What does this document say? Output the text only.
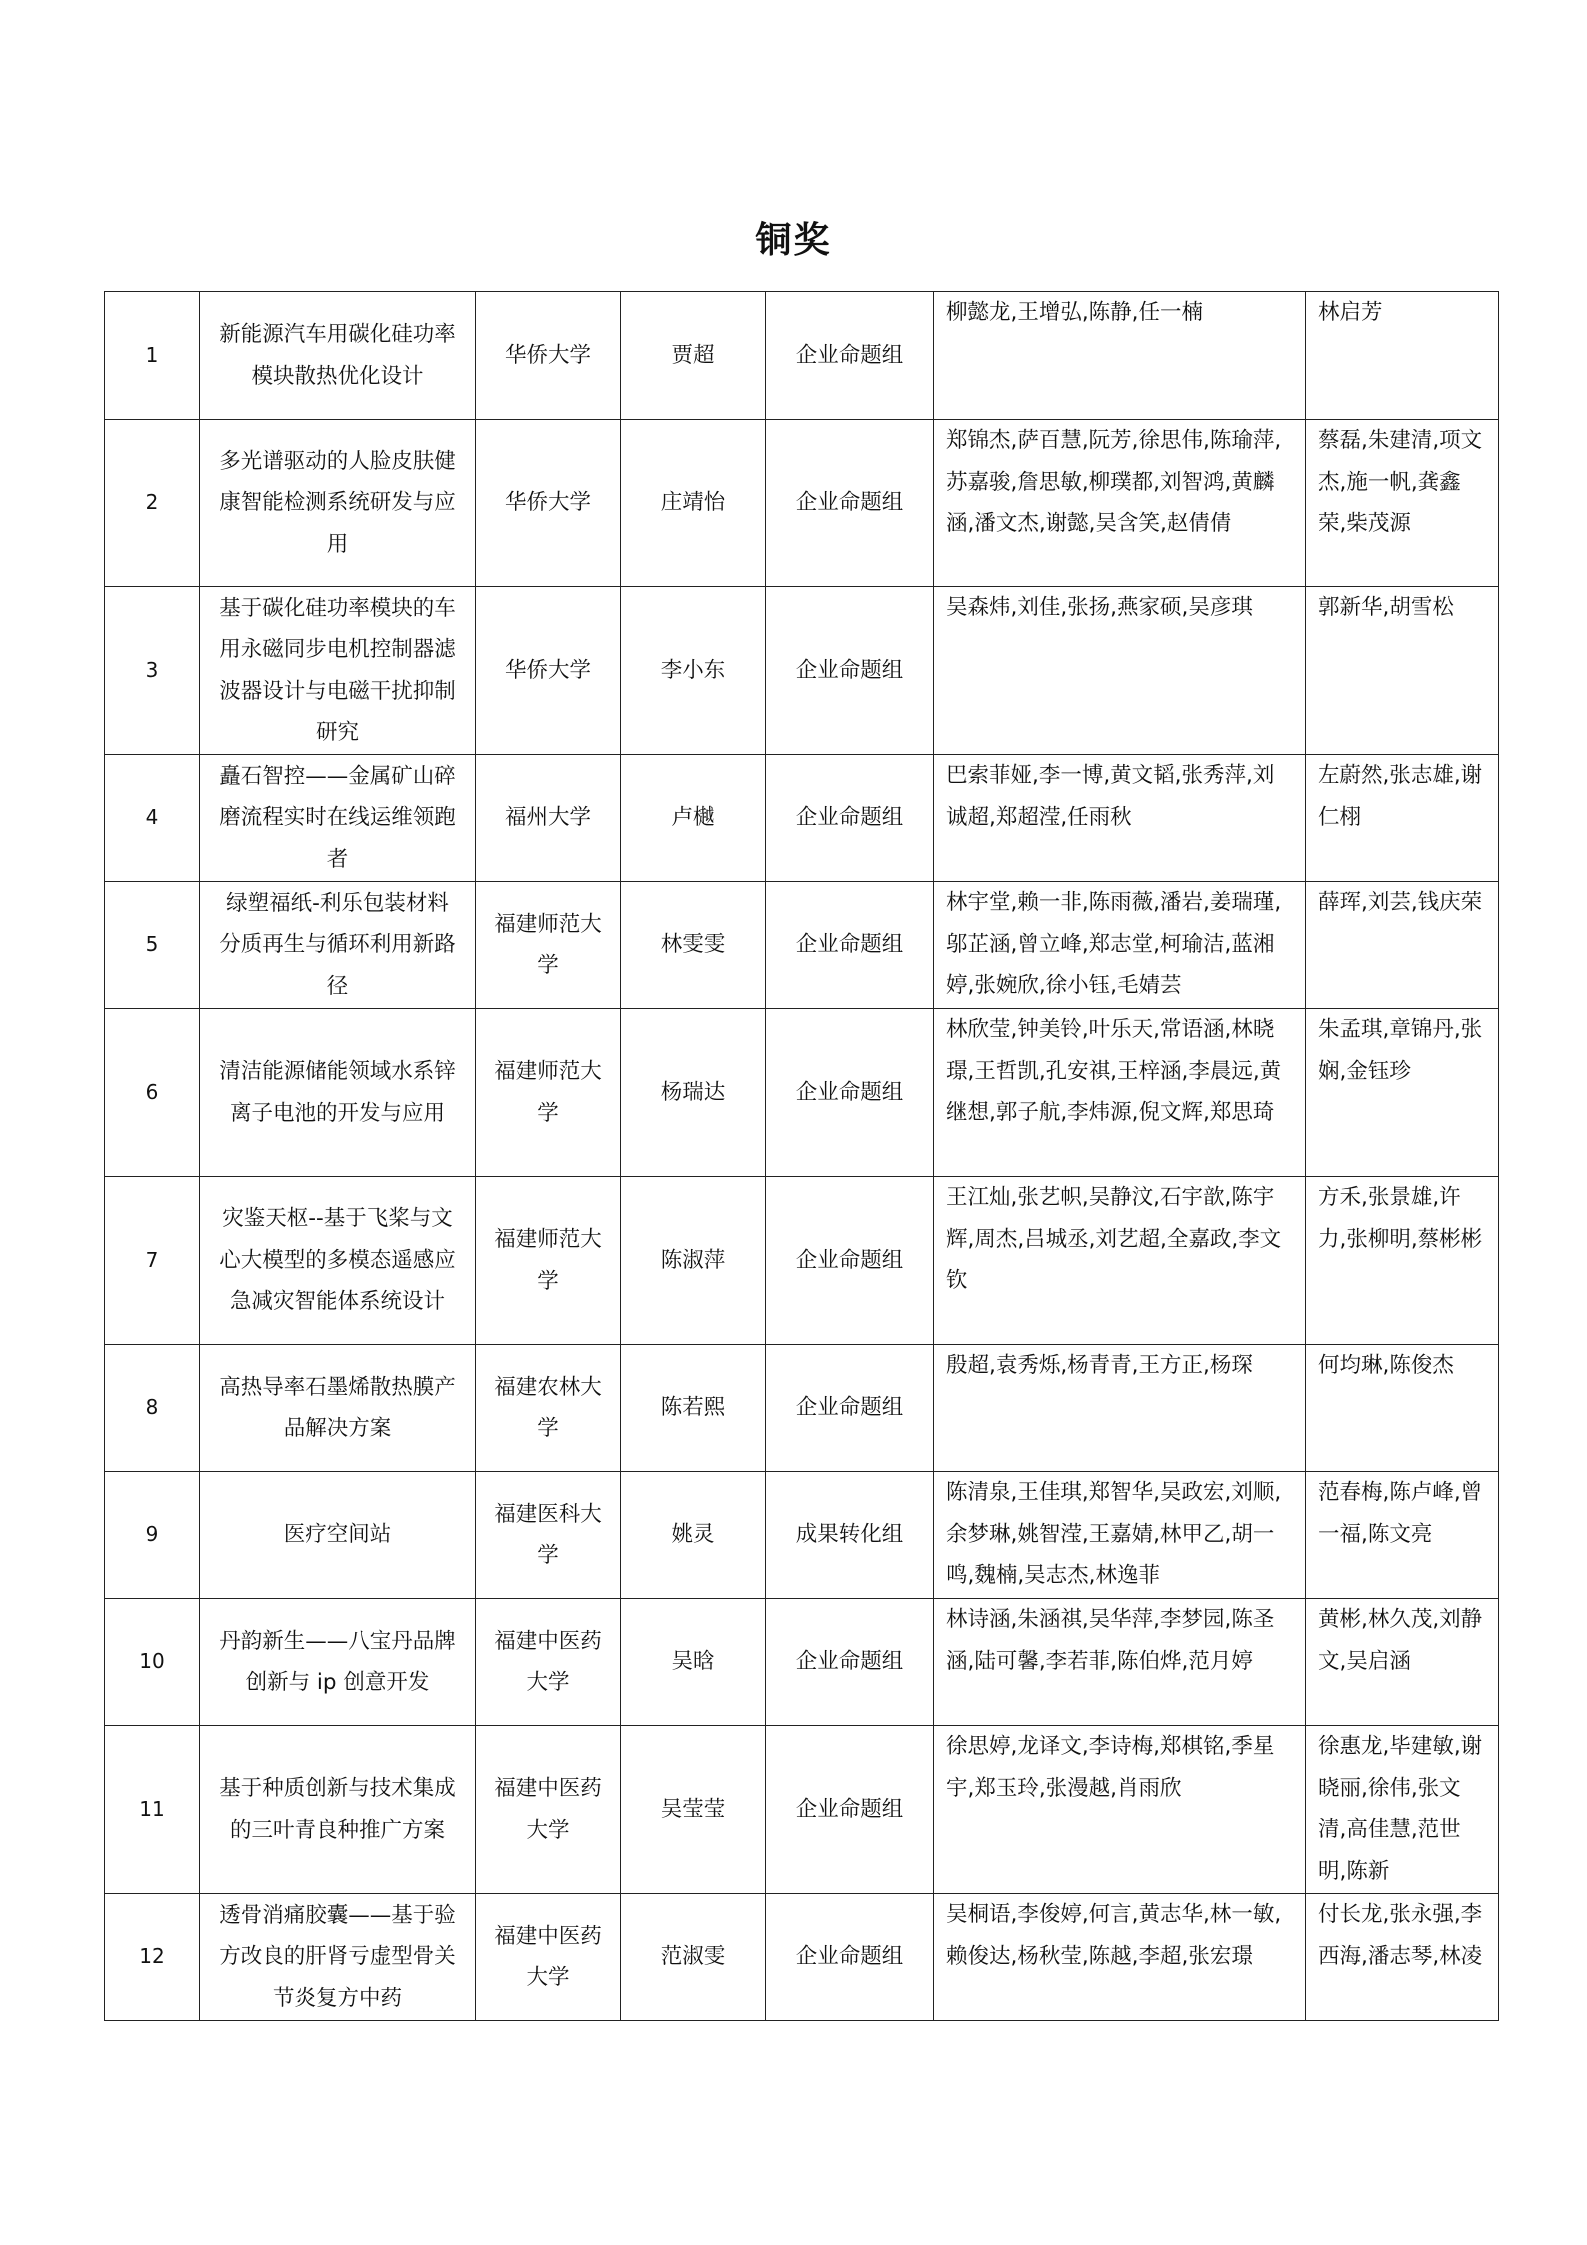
铜奖
1	新能源汽车用碳化硅功率模块散热优化设计	华侨大学	贾超	企业命题组	柳懿龙,王增弘,陈静,任一楠	林启芳
2	多光谱驱动的人脸皮肤健康智能检测系统研发与应用	华侨大学	庄靖怡	企业命题组	郑锦杰,萨百慧,阮芳,徐思伟,陈瑜萍,苏嘉骏,詹思敏,柳璞都,刘智鸿,黄麟涵,潘文杰,谢懿,吴含笑,赵倩倩	蔡磊,朱建清,项文杰,施一帆,龚鑫荣,柴茂源
3	基于碳化硅功率模块的车用永磁同步电机控制器滤波器设计与电磁干扰抑制研究	华侨大学	李小东	企业命题组	吴森炜,刘佳,张扬,燕家硕,吴彦琪	郭新华,胡雪松
4	矗石智控——金属矿山碎磨流程实时在线运维领跑者	福州大学	卢樾	企业命题组	巴索菲娅,李一博,黄文韬,张秀萍,刘诚超,郑超滢,任雨秋	左蔚然,张志雄,谢仁栩
5	绿塑福纸-利乐包装材料分质再生与循环利用新路径	福建师范大学	林雯雯	企业命题组	林宇堂,赖一非,陈雨薇,潘岩,姜瑞瑾,邬芷涵,曾立峰,郑志堂,柯瑜洁,蓝湘婷,张婉欣,徐小钰,毛婧芸	薛珲,刘芸,钱庆荣
6	清洁能源储能领域水系锌离子电池的开发与应用	福建师范大学	杨瑞达	企业命题组	林欣莹,钟美铃,叶乐天,常语涵,林晓璟,王哲凯,孔安祺,王梓涵,李晨远,黄继想,郭子航,李炜源,倪文辉,郑思琦	朱孟琪,章锦丹,张娴,金钰珍
7	灾鉴天枢--基于飞桨与文心大模型的多模态遥感应急减灾智能体系统设计	福建师范大学	陈淑萍	企业命题组	王江灿,张艺帜,吴静汶,石宇歆,陈宇辉,周杰,吕城丞,刘艺超,全嘉政,李文钦	方禾,张景雄,许力,张柳明,蔡彬彬
8	高热导率石墨烯散热膜产品解决方案	福建农林大学	陈若熙	企业命题组	殷超,袁秀烁,杨青青,王方正,杨琛	何均琳,陈俊杰
9	医疗空间站	福建医科大学	姚灵	成果转化组	陈清泉,王佳琪,郑智华,吴政宏,刘顺,余梦琳,姚智滢,王嘉婧,林甲乙,胡一鸣,魏楠,吴志杰,林逸菲	范春梅,陈卢峰,曾一福,陈文亮
10	丹韵新生——八宝丹品牌创新与 ip 创意开发	福建中医药大学	吴晗	企业命题组	林诗涵,朱涵祺,吴华萍,李梦园,陈圣涵,陆可馨,李若菲,陈伯烨,范月婷	黄彬,林久茂,刘静文,吴启涵
11	基于种质创新与技术集成的三叶青良种推广方案	福建中医药大学	吴莹莹	企业命题组	徐思婷,龙译文,李诗梅,郑棋铭,季星宇,郑玉玲,张漫越,肖雨欣	徐惠龙,毕建敏,谢晓丽,徐伟,张文清,高佳慧,范世明,陈新
12	透骨消痛胶囊——基于验方改良的肝肾亏虚型骨关节炎复方中药	福建中医药大学	范淑雯	企业命题组	吴桐语,李俊婷,何言,黄志华,林一敏,赖俊达,杨秋莹,陈越,李超,张宏璟	付长龙,张永强,李西海,潘志琴,林凌
